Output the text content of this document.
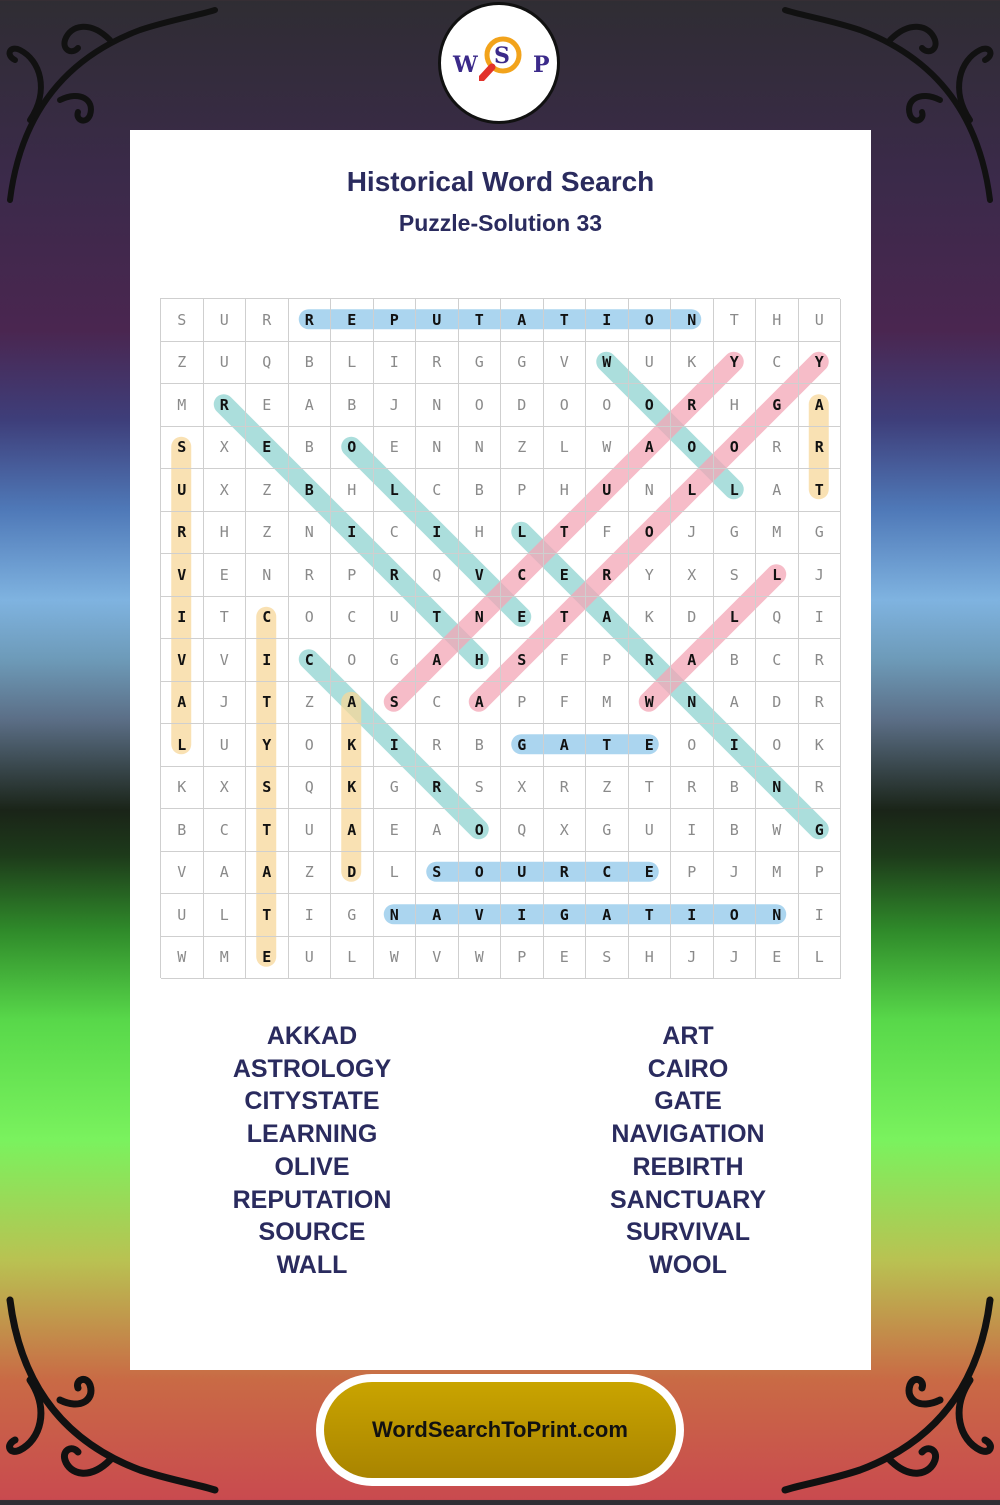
W S P
Historical Word Search
Puzzle-Solution 33
S	U	R	R	E	P	U	T	A	T	I	O	N	T	H	U
Z	U	Q	B	L	I	R	G	G	V	W	U	K	Y	C	Y
M	R	E	A	B	J	N	O	D	O	O	O	R	H	G	A
S	X	E	B	O	E	N	N	Z	L	W	A	O	O	R	R
U	X	Z	B	H	L	C	B	P	H	U	N	L	L	A	T
R	H	Z	N	I	C	I	H	L	T	F	O	J	G	M	G
V	E	N	R	P	R	Q	V	C	E	R	Y	X	S	L	J
I	T	C	O	C	U	T	N	E	T	A	K	D	L	Q	I
V	V	I	C	O	G	A	H	S	F	P	R	A	B	C	R
A	J	T	Z	A	S	C	A	P	F	M	W	N	A	D	R
L	U	Y	O	K	I	R	B	G	A	T	E	O	I	O	K
K	X	S	Q	K	G	R	S	X	R	Z	T	R	B	N	R
B	C	T	U	A	E	A	O	Q	X	G	U	I	B	W	G
V	A	A	Z	D	L	S	O	U	R	C	E	P	J	M	P
U	L	T	I	G	N	A	V	I	G	A	T	I	O	N	I
W	M	E	U	L	W	V	W	P	E	S	H	J	J	E	L
AKKAD
ASTROLOGY
CITYSTATE
LEARNING
OLIVE
REPUTATION
SOURCE
WALL
ART
CAIRO
GATE
NAVIGATION
REBIRTH
SANCTUARY
SURVIVAL
WOOL
WordSearchToPrint.com
